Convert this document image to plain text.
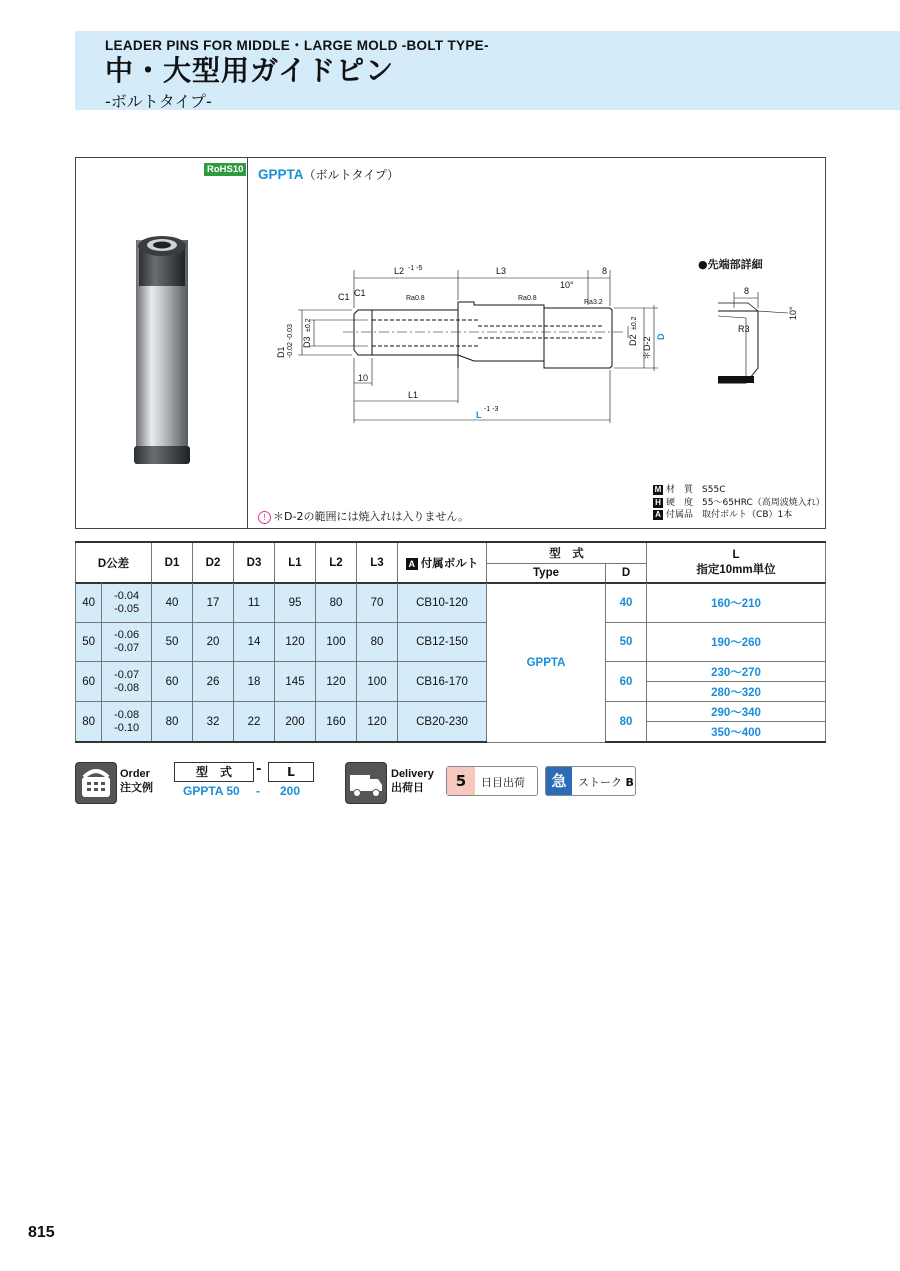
LEADER PINS FOR MIDDLE・LARGE MOLD -BOLT TYPE-
中・大型用ガイドピン
-ボルトタイプ-
RoHS10 GPPTA（ボルトタイプ）
L2 -1 -5	L3	8
10°
C1 C1
Ra0.8	Ra0.8
Ra3.2
D1 -0.02 -0.03 D3
±0.2
D2
±0.2
＊D-2 D
10
L1
L
-1 -3
8
R3
10°
●先端部詳細
M 材　質　 S55C
H 硬　度　 55～65HRC（高周波焼入れ）
A 付属品　 取付ボルト（CB）1本
! ＊D-2の範囲には焼入れは入りません。
D公差		D1	D2	D3	L1	L2	L3	A 付属ボルト	型　式		L
指定10mm単位

									Type	D	
40	-0.04
-0.05	40	17	11	95	80	70	CB10-120	GPPTA	40	160～210

50	-0.06
-0.07	50	20	14	120	100	80	CB12-150		50	190～260

60	-0.07
-0.08	60	26	18	145	120	100	CB16-170		60	230～270
											280～320
80	-0.08
-0.10	80	32	22	200	160	120	CB20-230		80	290～340
											350～400
Order
注文例
型　式	-	L
GPPTA 50 - 200
Delivery
出荷日	5	日目出荷	急	ストーク B
815
